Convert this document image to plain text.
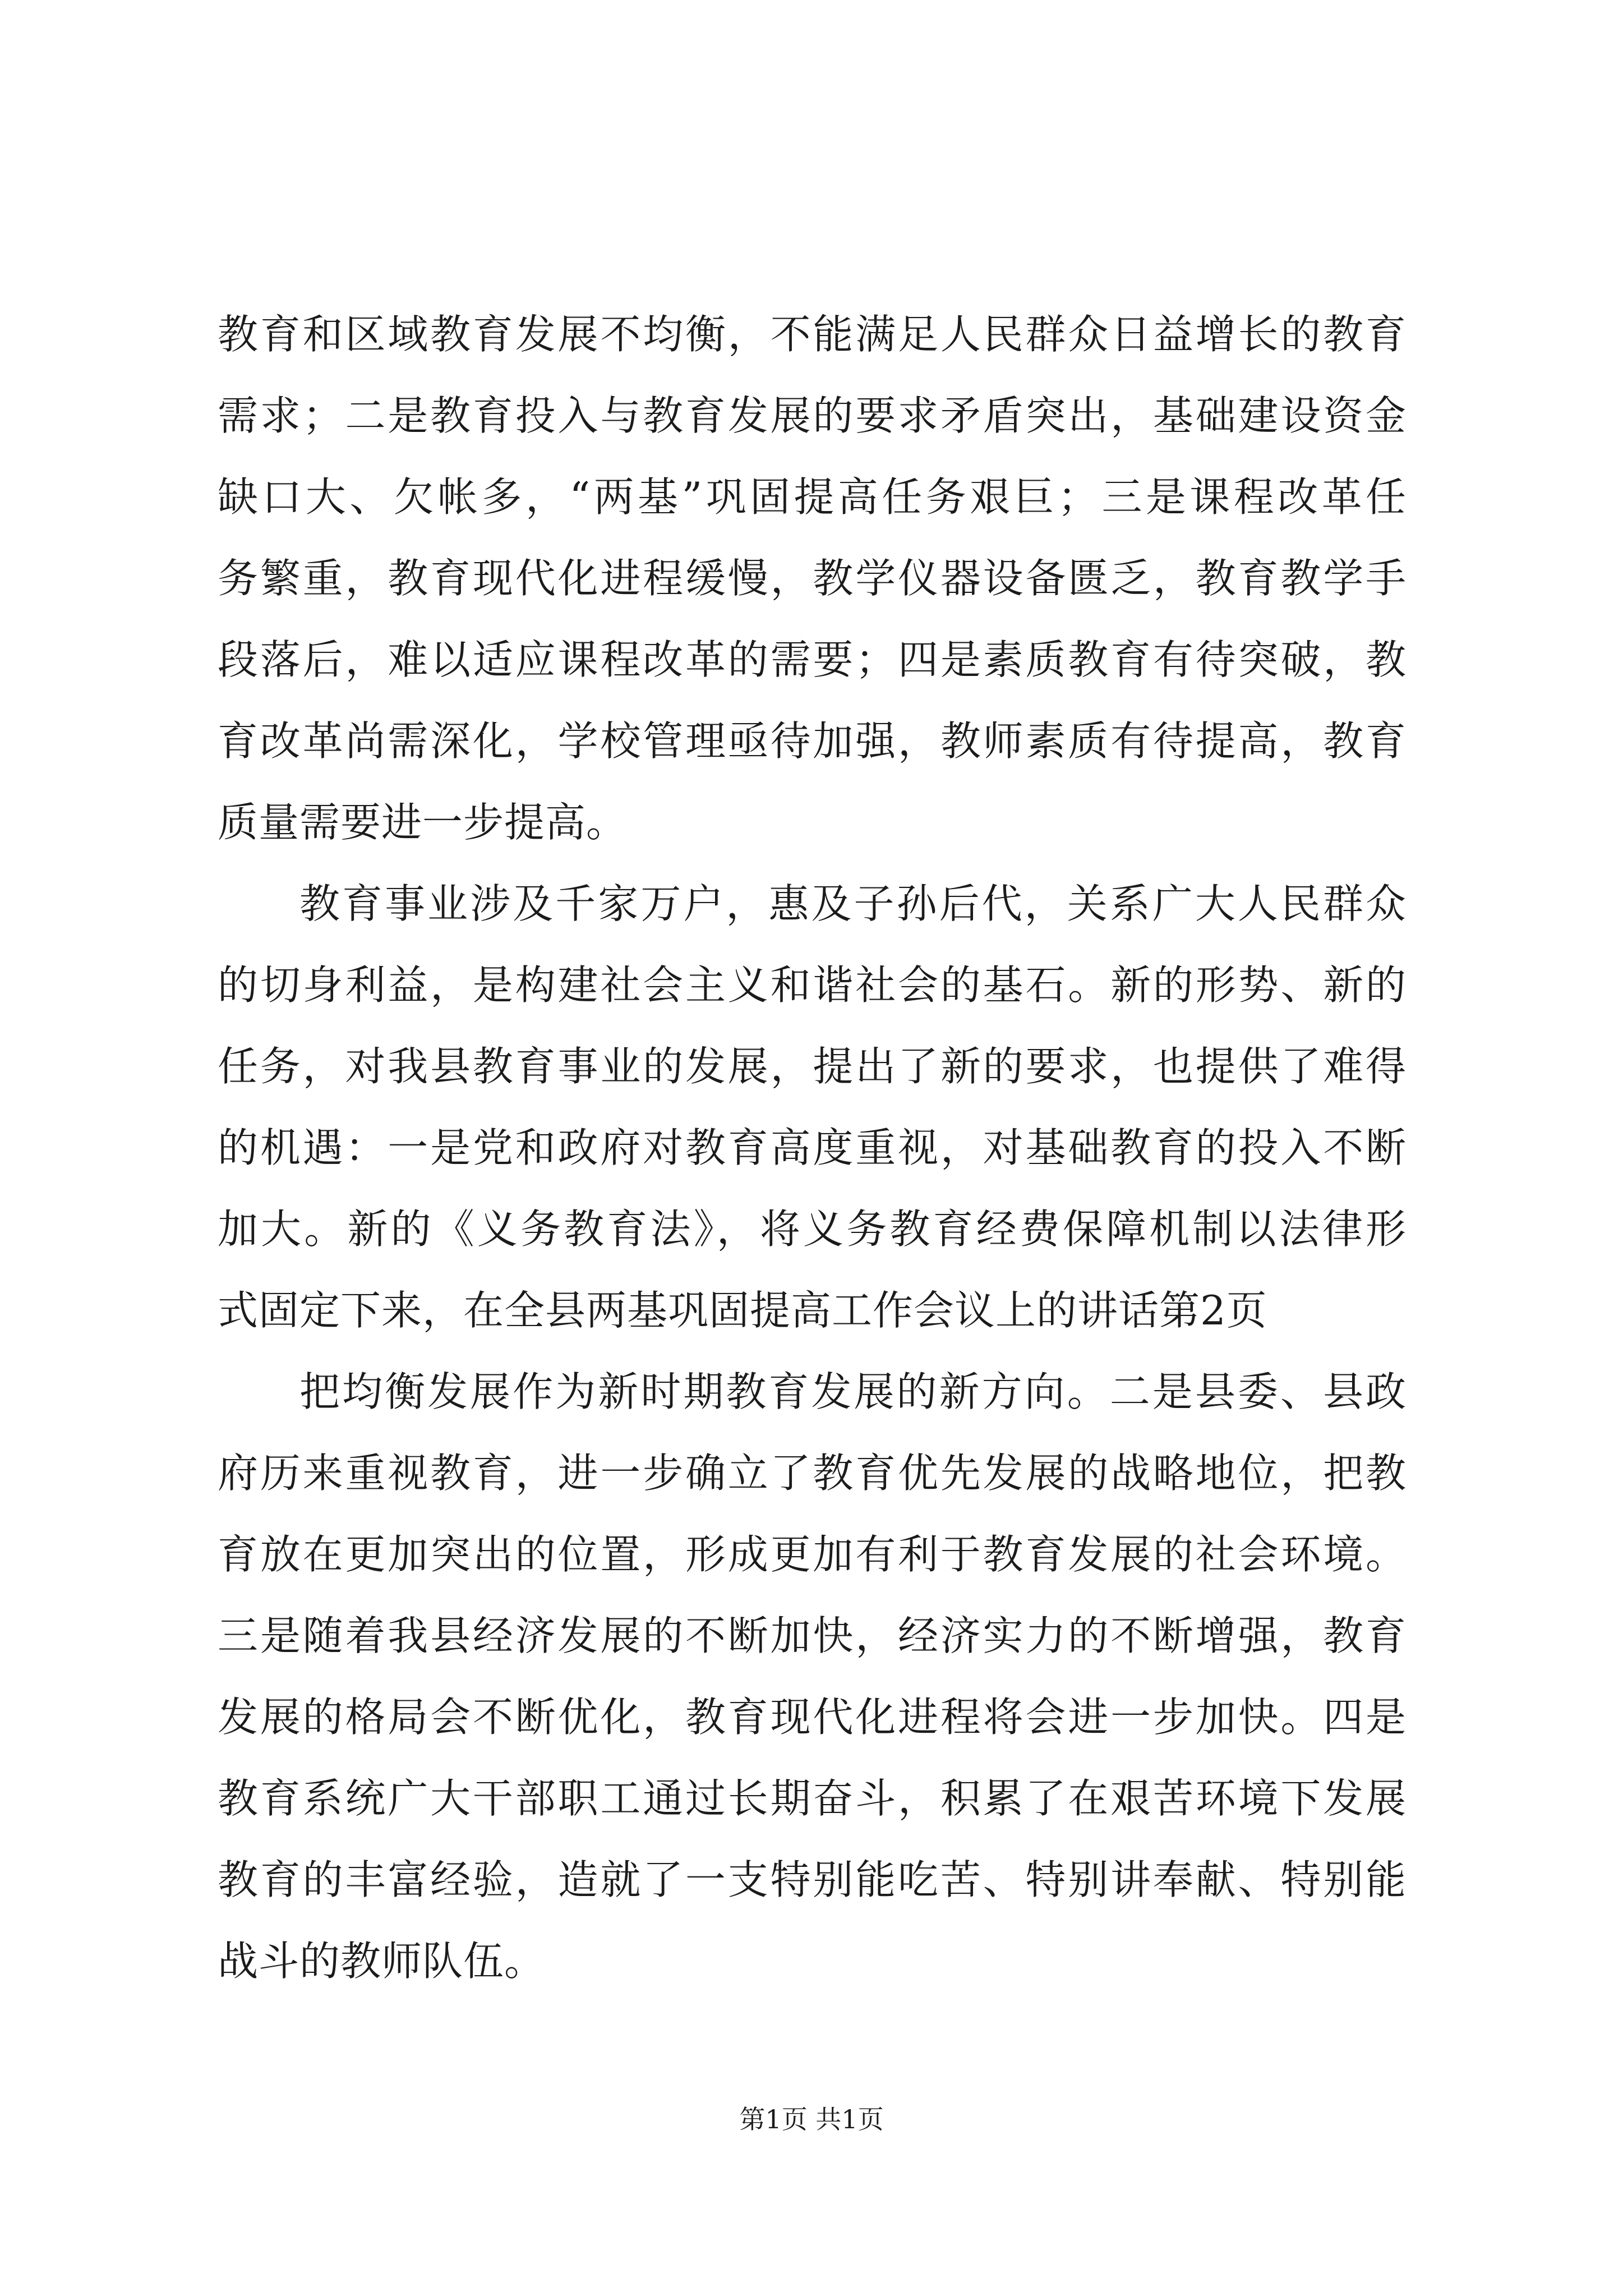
教育和区域教育发展不均衡，不能满足人民群众日益增长的教育
需求；二是教育投入与教育发展的要求矛盾突出，基础建设资金
缺口大、欠帐多，“两基”巩固提高任务艰巨；三是课程改革任
务繁重，教育现代化进程缓慢，教学仪器设备匮乏，教育教学手
段落后，难以适应课程改革的需要；四是素质教育有待突破，教
育改革尚需深化，学校管理亟待加强，教师素质有待提高，教育
质量需要进一步提高。
教育事业涉及千家万户，惠及子孙后代，关系广大人民群众
的切身利益，是构建社会主义和谐社会的基石。新的形势、新的
任务，对我县教育事业的发展，提出了新的要求，也提供了难得
的机遇：一是党和政府对教育高度重视，对基础教育的投入不断
加大。新的《义务教育法》，将义务教育经费保障机制以法律形
式固定下来，在全县两基巩固提高工作会议上的讲话第2页
把均衡发展作为新时期教育发展的新方向。二是县委、县政
府历来重视教育，进一步确立了教育优先发展的战略地位，把教
育放在更加突出的位置，形成更加有利于教育发展的社会环境。
三是随着我县经济发展的不断加快，经济实力的不断增强，教育
发展的格局会不断优化，教育现代化进程将会进一步加快。四是
教育系统广大干部职工通过长期奋斗，积累了在艰苦环境下发展
教育的丰富经验，造就了一支特别能吃苦、特别讲奉献、特别能
战斗的教师队伍。
第1页 共1页
